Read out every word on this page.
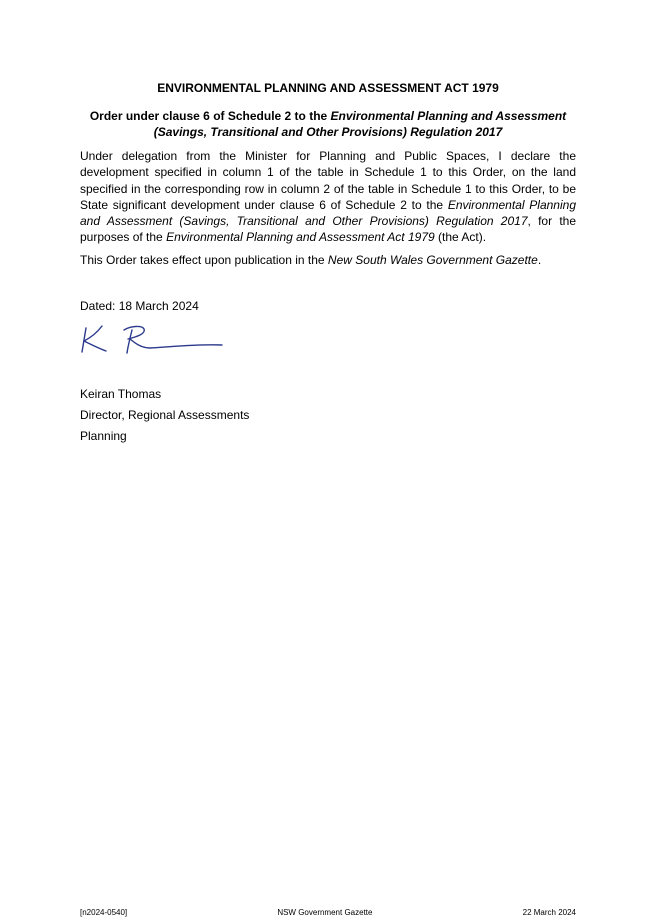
ENVIRONMENTAL PLANNING AND ASSESSMENT ACT 1979
Order under clause 6 of Schedule 2 to the Environmental Planning and Assessment (Savings, Transitional and Other Provisions) Regulation 2017

Under delegation from the Minister for Planning and Public Spaces, I declare the development specified in column 1 of the table in Schedule 1 to this Order, on the land specified in the corresponding row in column 2 of the table in Schedule 1 to this Order, to be State significant development under clause 6 of Schedule 2 to the Environmental Planning and Assessment (Savings, Transitional and Other Provisions) Regulation 2017, for the purposes of the Environmental Planning and Assessment Act 1979 (the Act).

This Order takes effect upon publication in the New South Wales Government Gazette.

Dated: 18 March 2024
Keiran Thomas
Director, Regional Assessments
Planning
[n2024-0540]	NSW Government Gazette	22 March 2024
